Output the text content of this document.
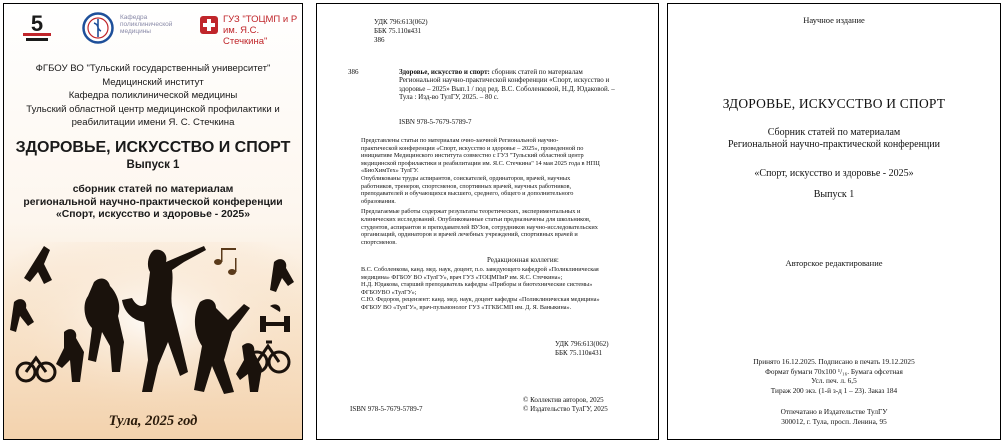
5	Кафедра
поликлинической
медицины
ГУЗ "ТОЦМП и Р
им. Я.С. Стечкина"
ФГБОУ ВО "Тульский государственный университет"
Медицинский институт
Кафедра поликлинической медицины
Тульский областной центр медицинской профилактики и
реабилитации имени Я. С. Стечкина
ЗДОРОВЬЕ, ИСКУССТВО И СПОРТ
Выпуск 1
сборник статей по материалам
региональной научно-практической конференции
«Спорт, искусство и здоровье - 2025»
Тула, 2025 год
УДК 796:613(062)
ББК 75.110я431
З86
З86	Здоровье, искусство и спорт: сборник статей по материалам
Региональной научно-практической конференции «Спорт, искусство и
здоровье – 2025» Вып.1 / под ред. В.С. Соболенковой, Н.Д. Юдаковой. –
Тула : Изд-во ТулГУ, 2025. – 80 с.
ISBN 978-5-7679-5789-7
Представлены статьи по материалам очно-заочной Региональной научно-
практической конференции «Спорт, искусство и здоровье – 2025», проведенной по
инициативе Медицинского института совместно с ГУЗ "Тульский областной центр
медицинской профилактики и реабилитации им. Я.С. Стечкина" 14 мая 2025 года в НПЦ
«БиоХимТех» ТулГУ.
Опубликованы труды аспирантов, соискателей, ординаторов, врачей, научных
работников, тренеров, спортсменов, спортивных врачей, научных работников,
преподавателей и обучающихся высшего, среднего, общего и дополнительного
образования.
Предлагаемые работы содержат результаты теоретических, экспериментальных и
клинических исследований. Опубликованные статьи предназначены для школьников,
студентов, аспирантов и преподавателей ВУЗов, сотрудников научно-исследовательских
организаций, ординаторов и врачей лечебных учреждений, спортивных врачей и
спортсменов.
Редакционная коллегия:
В.С. Соболенкова, канд. мед. наук, доцент, п.о. заведующего кафедрой «Поликлиническая
медицина» ФГБОУ ВО «ТулГУ», врач ГУЗ «ТОЦМПиР им. Я.С. Стечкина»;
Н.Д. Юдакова, старший преподаватель кафедры «Приборы и биотехнические системы»
ФГБОУВО «ТулГУ»;
С.Ю. Федоров, рецензент: канд. мед. наук, доцент кафедры «Поликлиническая медицина»
ФГБОУ ВО «ТулГУ», врач-пульмонолог ГУЗ «ТГКБСМП им. Д. Я. Ваныкина».
УДК 796:613(062)
ББК 75.110я431
© Коллектив авторов, 2025
ISBN 978-5-7679-5789-7	© Издательство ТулГУ, 2025
Научное издание
ЗДОРОВЬЕ, ИСКУССТВО И СПОРТ
Сборник статей по материалам
Региональной научно-практической конференции
«Спорт, искусство и здоровье - 2025»
Выпуск 1
Авторское редактирование
Принято 16.12.2025. Подписано в печать 19.12.2025
Формат бумаги 70x100 ¹/₁₆. Бумага офсетная
Усл. печ. л. 6,5
Тираж 200 экз. (1-й з-д 1 – 23). Заказ 184
Отпечатано в Издательстве ТулГУ
300012, г. Тула, просп. Ленина, 95
